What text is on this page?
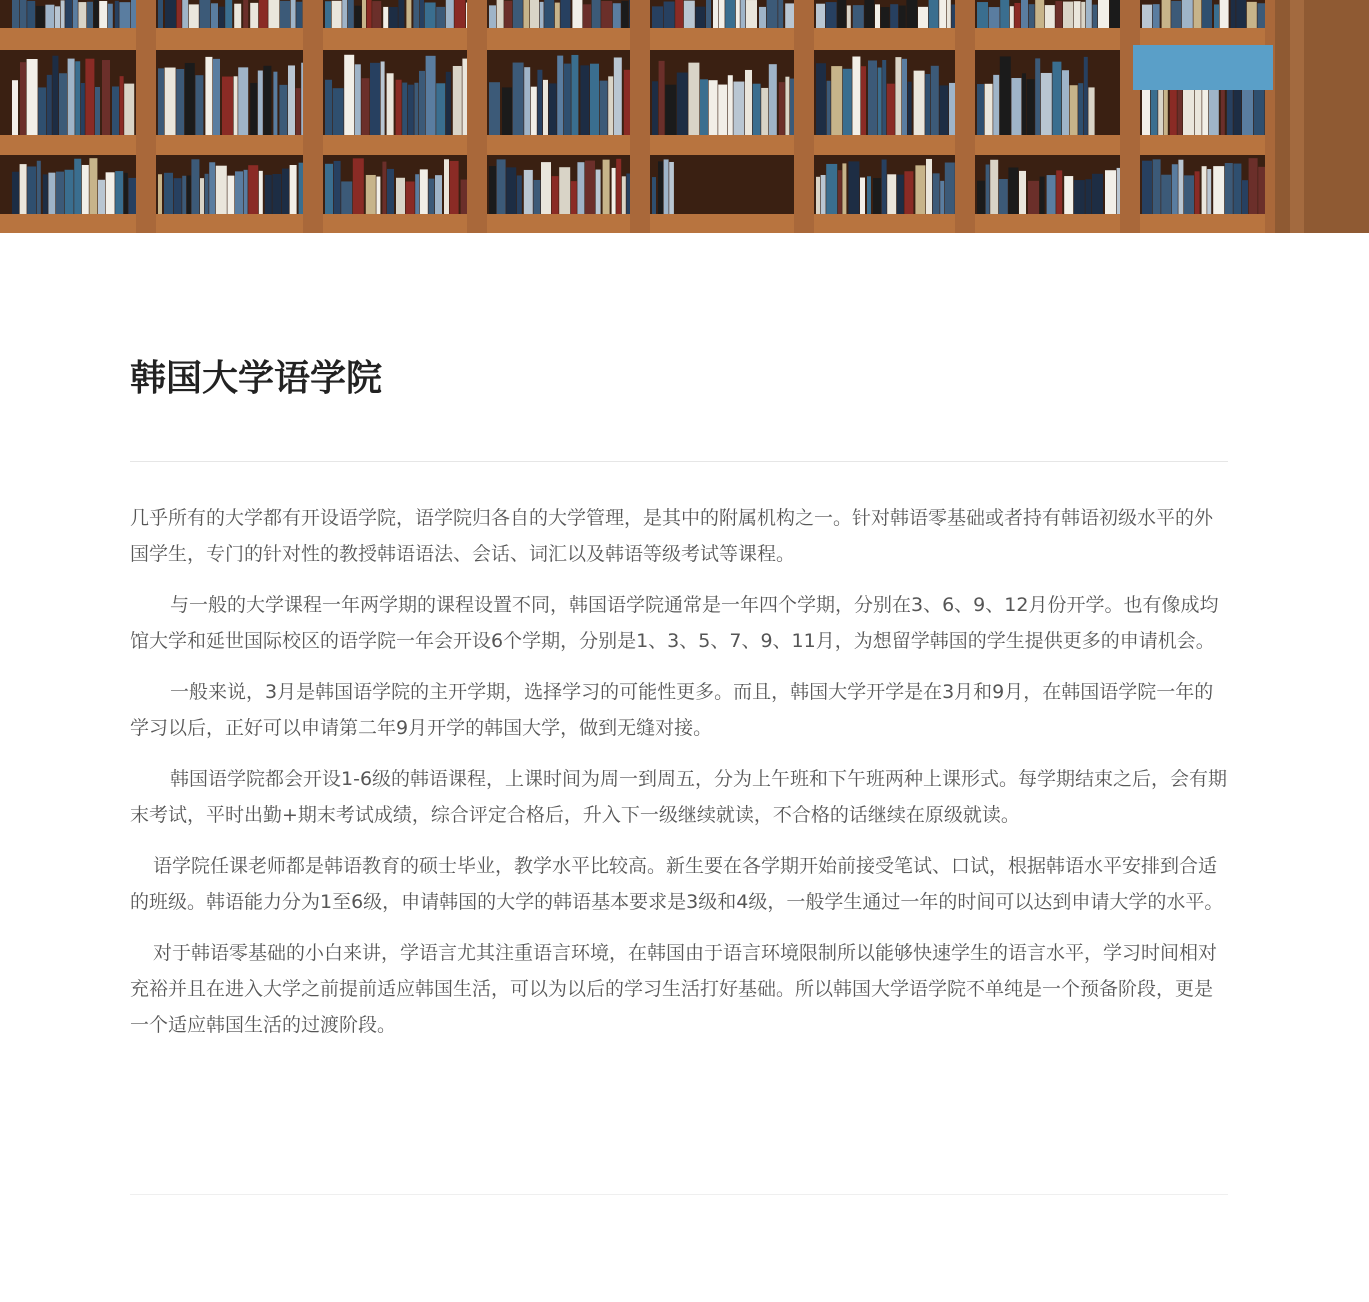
韩国大学语学院

几乎所有的大学都有开设语学院，语学院归各自的大学管理，是其中的附属机构之一。针对韩语零基础或者持有韩语初级水平的外国学生，专门的针对性的教授韩语语法、会话、词汇以及韩语等级考试等课程。

与一般的大学课程一年两学期的课程设置不同，韩国语学院通常是一年四个学期，分别在3、6、9、12月份开学。也有像成均馆大学和延世国际校区的语学院一年会开设6个学期，分别是1、3、5、7、9、11月，为想留学韩国的学生提供更多的申请机会。

一般来说，3月是韩国语学院的主开学期，选择学习的可能性更多。而且，韩国大学开学是在3月和9月，在韩国语学院一年的学习以后，正好可以申请第二年9月开学的韩国大学，做到无缝对接。

韩国语学院都会开设1-6级的韩语课程，上课时间为周一到周五，分为上午班和下午班两种上课形式。每学期结束之后，会有期末考试，平时出勤+期末考试成绩，综合评定合格后，升入下一级继续就读，不合格的话继续在原级就读。

语学院任课老师都是韩语教育的硕士毕业，教学水平比较高。新生要在各学期开始前接受笔试、口试，根据韩语水平安排到合适的班级。韩语能力分为1至6级，申请韩国的大学的韩语基本要求是3级和4级，一般学生通过一年的时间可以达到申请大学的水平。

对于韩语零基础的小白来讲，学语言尤其注重语言环境，在韩国由于语言环境限制所以能够快速学生的语言水平，学习时间相对充裕并且在进入大学之前提前适应韩国生活，可以为以后的学习生活打好基础。所以韩国大学语学院不单纯是一个预备阶段，更是一个适应韩国生活的过渡阶段。
